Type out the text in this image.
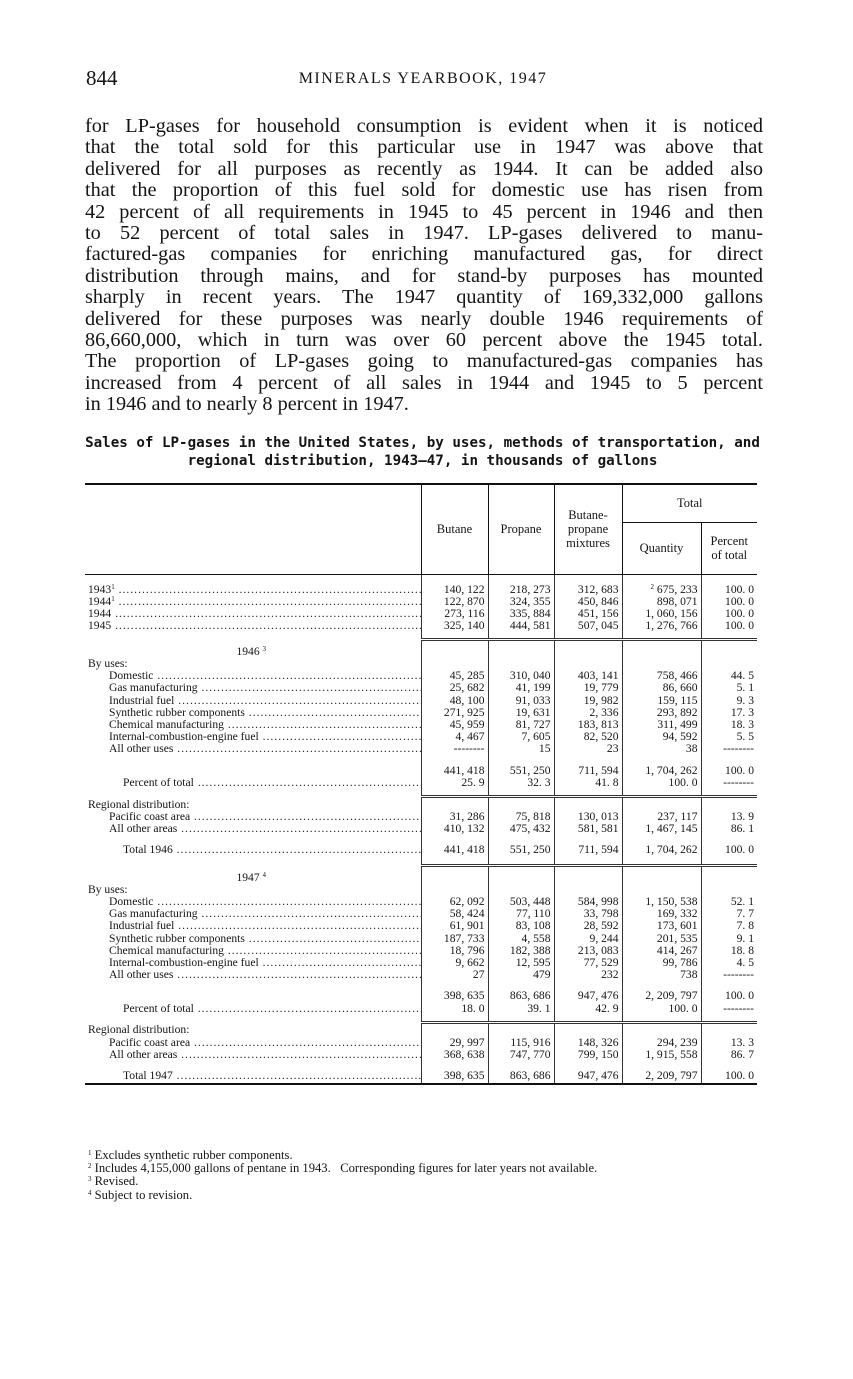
844	MINERALS YEARBOOK, 1947
for LP-gases for household consumption is evident when it is noticed
that the total sold for this particular use in 1947 was above that
delivered for all purposes as recently as 1944. It can be added also
that the proportion of this fuel sold for domestic use has risen from
42 percent of all requirements in 1945 to 45 percent in 1946 and then
to 52 percent of total sales in 1947. LP-gases delivered to manu-
factured-gas companies for enriching manufactured gas, for direct
distribution through mains, and for stand-by purposes has mounted
sharply in recent years. The 1947 quantity of 169,332,000 gallons
delivered for these purposes was nearly double 1946 requirements of
86,660,000, which in turn was over 60 percent above the 1945 total.
The proportion of LP-gases going to manufactured-gas companies has
increased from 4 percent of all sales in 1944 and 1945 to 5 percent
in 1946 and to nearly 8 percent in 1947.
Sales of LP-gases in the United States, by uses, methods of transportation, and
regional distribution, 1943–47, in thousands of gallons
	Butane	Propane	Butane-propane mixtures	Total	
				Quantity	Percent of total

1943$^1$ .....	140, 122	218, 273	312, 683	$^2$ 675, 233	100. 0
1944$^1$ .....	122, 870	324, 355	450, 846	898, 071	100. 0
1944 .....	273, 116	335, 884	451, 156	1, 060, 156	100. 0
1945 .....	325, 140	444, 581	507, 045	1, 276, 766	100. 0

1946 $^3$					
By uses:					
Domestic .....	45, 285	310, 040	403, 141	758, 466	44. 5
Gas manufacturing .....	25, 682	41, 199	19, 779	86, 660	5. 1
Industrial fuel .....	48, 100	91, 033	19, 982	159, 115	9. 3
Synthetic rubber components .....	271, 925	19, 631	2, 336	293, 892	17. 3
Chemical manufacturing .....	45, 959	81, 727	183, 813	311, 499	18. 3
Internal-combustion-engine fuel .....	4, 467	7, 605	82, 520	94, 592	5. 5
All other uses .....	--------	15	23	38	--------

	441, 418	551, 250	711, 594	1, 704, 262	100. 0
Percent of total .....	25. 9	32. 3	41. 8	100. 0	--------

Regional distribution:					
Pacific coast area .....	31, 286	75, 818	130, 013	237, 117	13. 9
All other areas .....	410, 132	475, 432	581, 581	1, 467, 145	86. 1

Total 1946 .....	441, 418	551, 250	711, 594	1, 704, 262	100. 0

1947 $^4$					
By uses:					
Domestic .....	62, 092	503, 448	584, 998	1, 150, 538	52. 1
Gas manufacturing .....	58, 424	77, 110	33, 798	169, 332	7. 7
Industrial fuel .....	61, 901	83, 108	28, 592	173, 601	7. 8
Synthetic rubber components .....	187, 733	4, 558	9, 244	201, 535	9. 1
Chemical manufacturing .....	18, 796	182, 388	213, 083	414, 267	18. 8
Internal-combustion-engine fuel .....	9, 662	12, 595	77, 529	99, 786	4. 5
All other uses .....	27	479	232	738	--------

	398, 635	863, 686	947, 476	2, 209, 797	100. 0
Percent of total .....	18. 0	39. 1	42. 9	100. 0	--------

Regional distribution:					
Pacific coast area .....	29, 997	115, 916	148, 326	294, 239	13. 3
All other areas .....	368, 638	747, 770	799, 150	1, 915, 558	86. 7

Total 1947 .....	398, 635	863, 686	947, 476	2, 209, 797	100. 0

$^1$ Excludes synthetic rubber components.
$^2$ Includes 4,155,000 gallons of pentane in 1943.   Corresponding figures for later years not available.
$^3$ Revised.
$^4$ Subject to revision.
